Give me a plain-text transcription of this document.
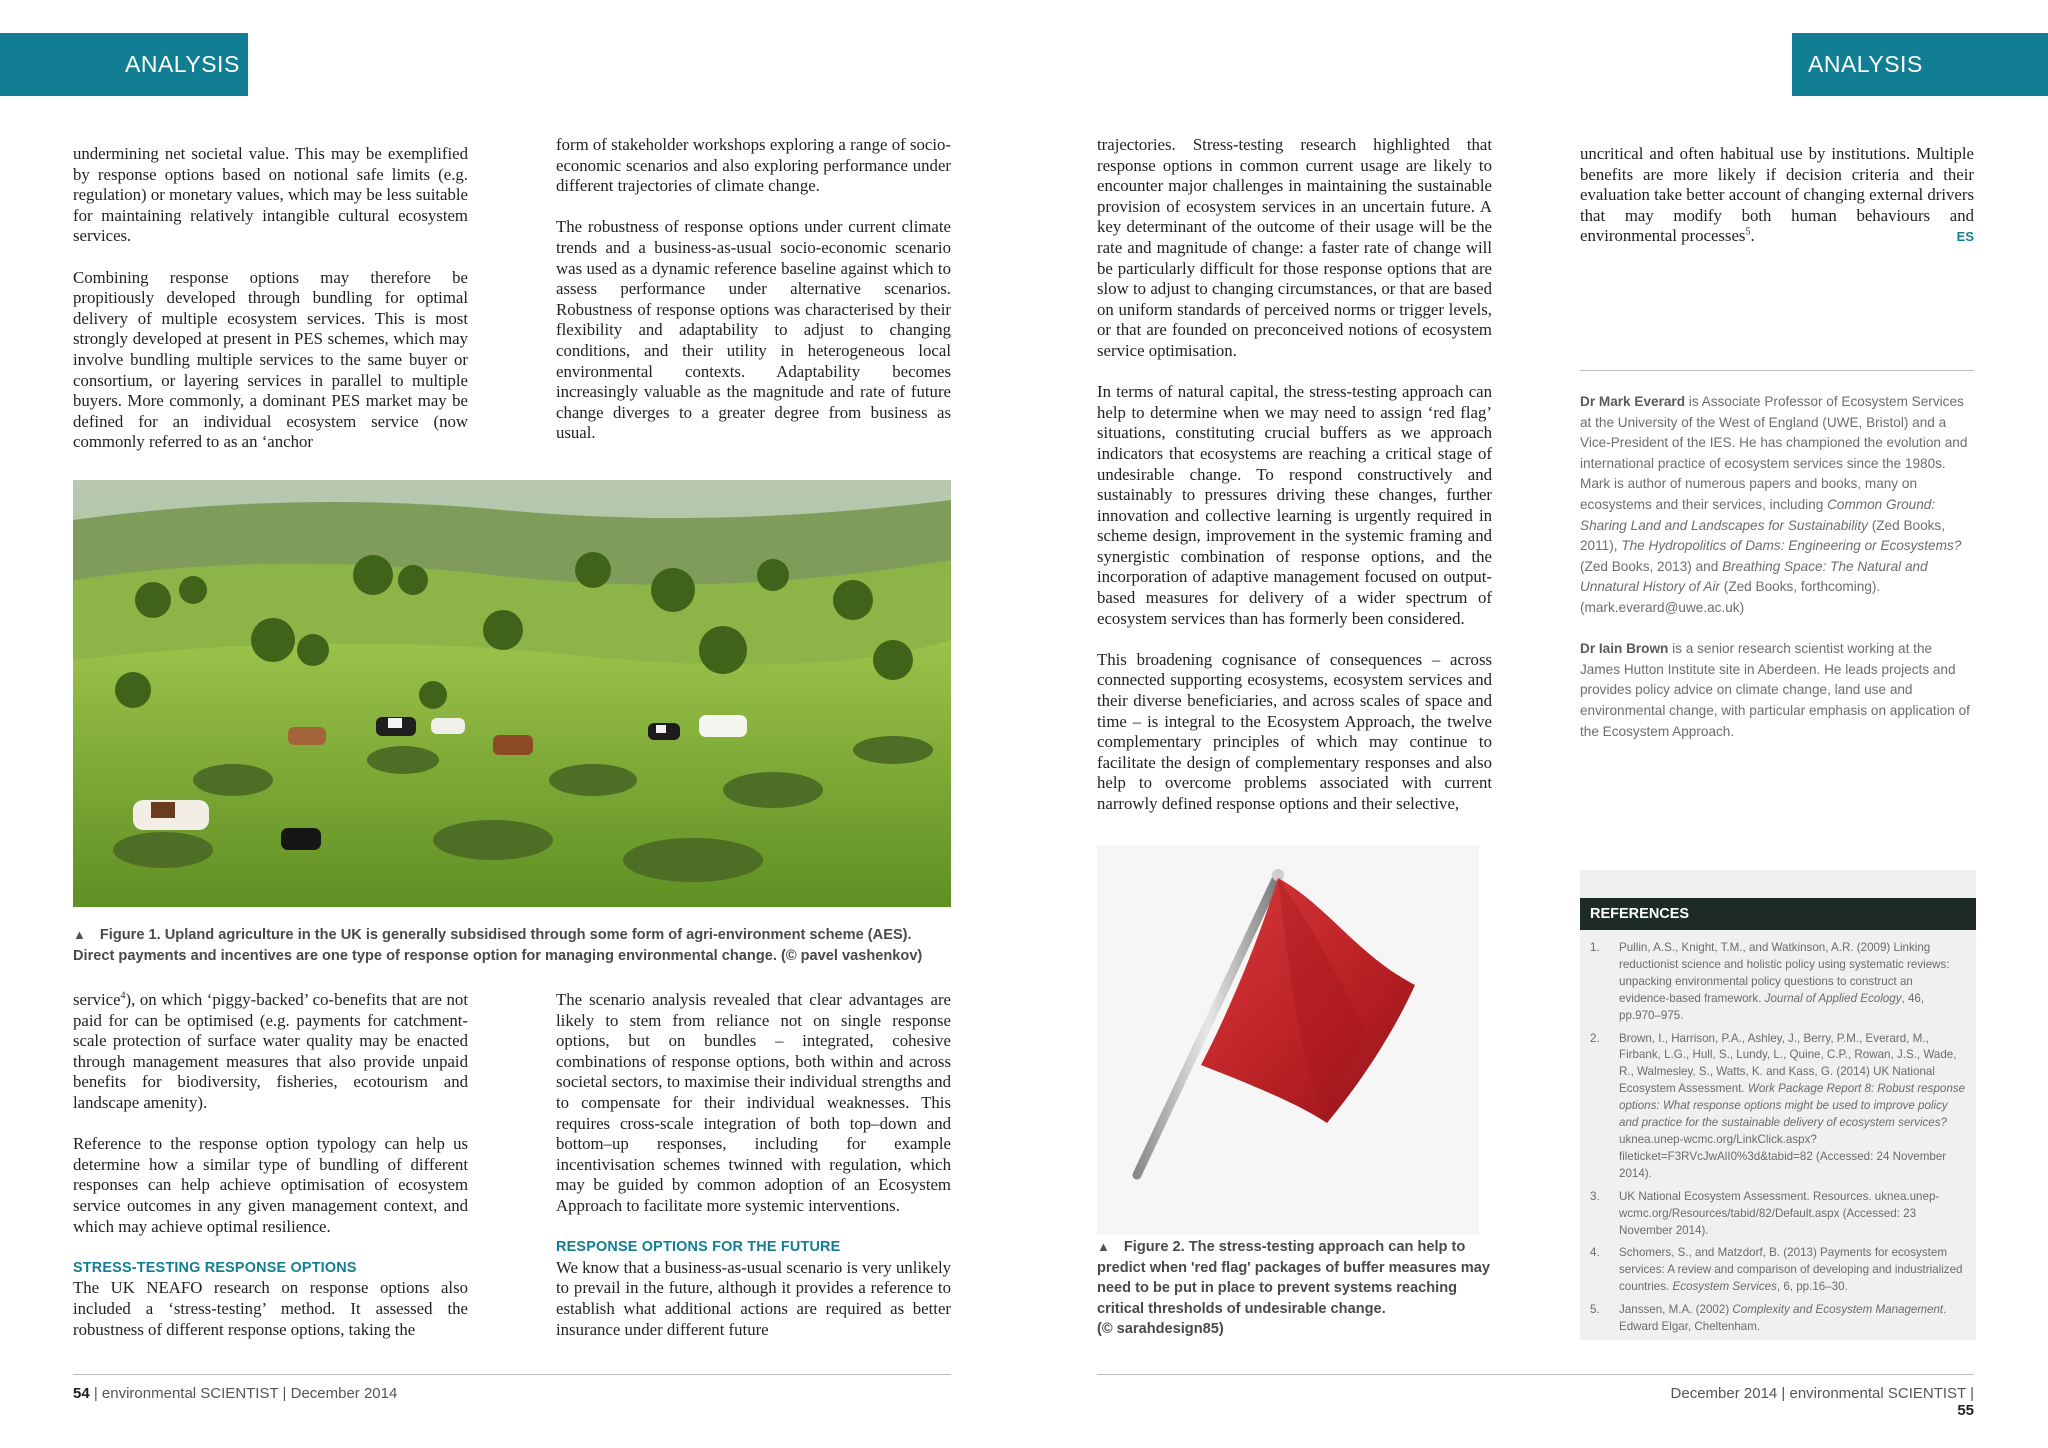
ANALYSIS	ANALYSIS

undermining net societal value. This may be exemplified by response options based on notional safe limits (e.g. regulation) or monetary values, which may be less suitable for maintaining relatively intangible cultural ecosystem services.

Combining response options may therefore be propitiously developed through bundling for optimal delivery of multiple ecosystem services. This is most strongly developed at present in PES schemes, which may involve bundling multiple services to the same buyer or consortium, or layering services in parallel to multiple buyers. More commonly, a dominant PES market may be defined for an individual ecosystem service (now commonly referred to as an ‘anchor

form of stakeholder workshops exploring a range of socio-economic scenarios and also exploring performance under different trajectories of climate change.

The robustness of response options under current climate trends and a business-as-usual socio-economic scenario was used as a dynamic reference baseline against which to assess performance under alternative scenarios. Robustness of response options was characterised by their flexibility and adaptability to adjust to changing conditions, and their utility in heterogeneous local environmental contexts. Adaptability becomes increasingly valuable as the magnitude and rate of future change diverges to a greater degree from business as usual.

▲ Figure 1. Upland agriculture in the UK is generally subsidised through some form of agri-environment scheme (AES). Direct payments and incentives are one type of response option for managing environmental change. (© pavel vashenkov)

service$^4$), on which ‘piggy-backed’ co-benefits that are not paid for can be optimised (e.g. payments for catchment-scale protection of surface water quality may be enacted through management measures that also provide unpaid benefits for biodiversity, fisheries, ecotourism and landscape amenity).

Reference to the response option typology can help us determine how a similar type of bundling of different responses can help achieve optimisation of ecosystem service outcomes in any given management context, and which may achieve optimal resilience.

STRESS-TESTING RESPONSE OPTIONS

The UK NEAFO research on response options also included a ‘stress-testing’ method. It assessed the robustness of different response options, taking the

The scenario analysis revealed that clear advantages are likely to stem from reliance not on single response options, but on bundles – integrated, cohesive combinations of response options, both within and across societal sectors, to maximise their individual strengths and to compensate for their individual weaknesses. This requires cross-scale integration of both top–down and bottom–up responses, including for example incentivisation schemes twinned with regulation, which may be guided by common adoption of an Ecosystem Approach to facilitate more systemic interventions.

RESPONSE OPTIONS FOR THE FUTURE

We know that a business-as-usual scenario is very unlikely to prevail in the future, although it provides a reference to establish what additional actions are required as better insurance under different future

trajectories. Stress-testing research highlighted that response options in common current usage are likely to encounter major challenges in maintaining the sustainable provision of ecosystem services in an uncertain future. A key determinant of the outcome of their usage will be the rate and magnitude of change: a faster rate of change will be particularly difficult for those response options that are slow to adjust to changing circumstances, or that are based on uniform standards of perceived norms or trigger levels, or that are founded on preconceived notions of ecosystem service optimisation.

In terms of natural capital, the stress-testing approach can help to determine when we may need to assign ‘red flag’ situations, constituting crucial buffers as we approach indicators that ecosystems are reaching a critical stage of undesirable change. To respond constructively and sustainably to pressures driving these changes, further innovation and collective learning is urgently required in scheme design, improvement in the systemic framing and synergistic combination of response options, and the incorporation of adaptive management focused on output-based measures for delivery of a wider spectrum of ecosystem services than has formerly been considered.

This broadening cognisance of consequences – across connected supporting ecosystems, ecosystem services and their diverse beneficiaries, and across scales of space and time – is integral to the Ecosystem Approach, the twelve complementary principles of which may continue to facilitate the design of complementary responses and also help to overcome problems associated with current narrowly defined response options and their selective,

▲ Figure 2. The stress-testing approach can help to
predict when 'red flag' packages of buffer measures may
need to be put in place to prevent systems reaching
critical thresholds of undesirable change.
(© sarahdesign85)

uncritical and often habitual use by institutions. Multiple benefits are more likely if decision criteria and their evaluation take better account of changing external drivers that may modify both human behaviours and environmental processes$^5$.	ES

Dr Mark Everard is Associate Professor of Ecosystem Services at the University of the West of England (UWE, Bristol) and a Vice-President of the IES. He has championed the evolution and international practice of ecosystem services since the 1980s. Mark is author of numerous papers and books, many on ecosystems and their services, including Common Ground: Sharing Land and Landscapes for Sustainability (Zed Books, 2011), The Hydropolitics of Dams: Engineering or Ecosystems? (Zed Books, 2013) and Breathing Space: The Natural and Unnatural History of Air (Zed Books, forthcoming). (mark.everard@uwe.ac.uk)

Dr Iain Brown is a senior research scientist working at the James Hutton Institute site in Aberdeen. He leads projects and provides policy advice on climate change, land use and environmental change, with particular emphasis on application of the Ecosystem Approach.

REFERENCES
1.	Pullin, A.S., Knight, T.M., and Watkinson, A.R. (2009) Linking reductionist science and holistic policy using systematic reviews: unpacking environmental policy questions to construct an evidence-based framework. Journal of Applied Ecology, 46, pp.970–975.
2.	Brown, I., Harrison, P.A., Ashley, J., Berry, P.M., Everard, M., Firbank, L.G., Hull, S., Lundy, L., Quine, C.P., Rowan, J.S., Wade, R., Walmesley, S., Watts, K. and Kass, G. (2014) UK National Ecosystem Assessment. Work Package Report 8: Robust response options: What response options might be used to improve policy and practice for the sustainable delivery of ecosystem services? uknea.unep-wcmc.org/LinkClick.aspx?fileticket=F3RVcJwAlI0%3d&tabid=82 (Accessed: 24 November 2014).
3.	UK National Ecosystem Assessment. Resources. uknea.unep-wcmc.org/Resources/tabid/82/Default.aspx (Accessed: 23 November 2014).
4.	Schomers, S., and Matzdorf, B. (2013) Payments for ecosystem services: A review and comparison of developing and industrialized countries. Ecosystem Services, 6, pp.16–30.
5.	Janssen, M.A. (2002) Complexity and Ecosystem Management. Edward Elgar, Cheltenham.
54 | environmental SCIENTIST | December 2014	December 2014 | environmental SCIENTIST | 55
